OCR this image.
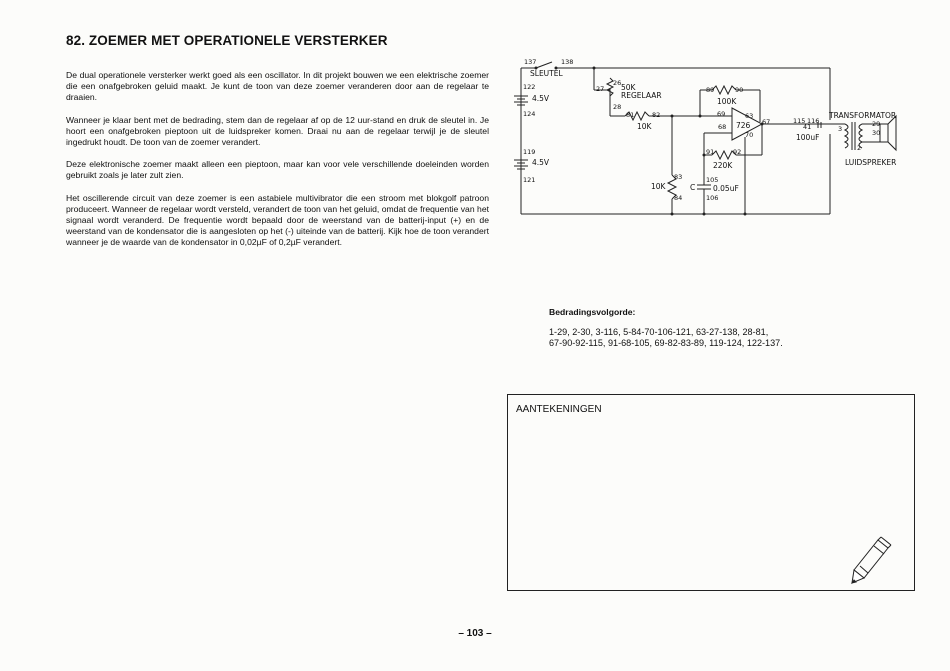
82. ZOEMER MET OPERATIONELE VERSTERKER

De dual operationele versterker werkt goed als een oscillator. In dit projekt bouwen we een elektrische zoemer die een onafgebroken geluid maakt. Je kunt de toon van deze zoemer veranderen door aan de regelaar te draaien.

Wanneer je klaar bent met de bedrading, stem dan de regelaar af op de 12 uur-stand en druk de sleutel in. Je hoort een onafgebroken pieptoon uit de luidspreker komen. Draai nu aan de regelaar terwijl je de sleutel ingedrukt houdt. De toon van de zoemer verandert.

Deze elektronische zoemer maakt alleen een pieptoon, maar kan voor vele verschillende doeleinden worden gebruikt zoals je later zult zien.

Het oscillerende circuit van deze zoemer is een astabiele multivibrator die een stroom met blokgolf patroon produceert. Wanneer de regelaar wordt versteld, verandert de toon van het geluid, omdat de frequentie van het signaal wordt veranderd. De frequentie wordt bepaald door de weerstand van de batterij-input (+) en de weerstand van de kondensator die is aangesloten op het (-) uiteinde van de batterij. Kijk hoe de toon verandert wanneer je de waarde van de kondensator in 0,02µF of 0,2µF verandert.

SLEUTEL
4.5V
4.5V
50K
REGELAAR
10K
10K
100K
220K
726
0.05uF
C
100uF
TRANSFORMATOR
LUIDSPREKER
137	138
122
124
119
121
26
27
28
81	82
89	90
69	63
68
70
67
91	92
83
84
105
106
115 116
41	3
29
30
2
Bedradingsvolgorde:
1-29, 2-30, 3-116, 5-84-70-106-121, 63-27-138, 28-81,
67-90-92-115, 91-68-105, 69-82-83-89, 119-124, 122-137.
AANTEKENINGEN
– 103 –
